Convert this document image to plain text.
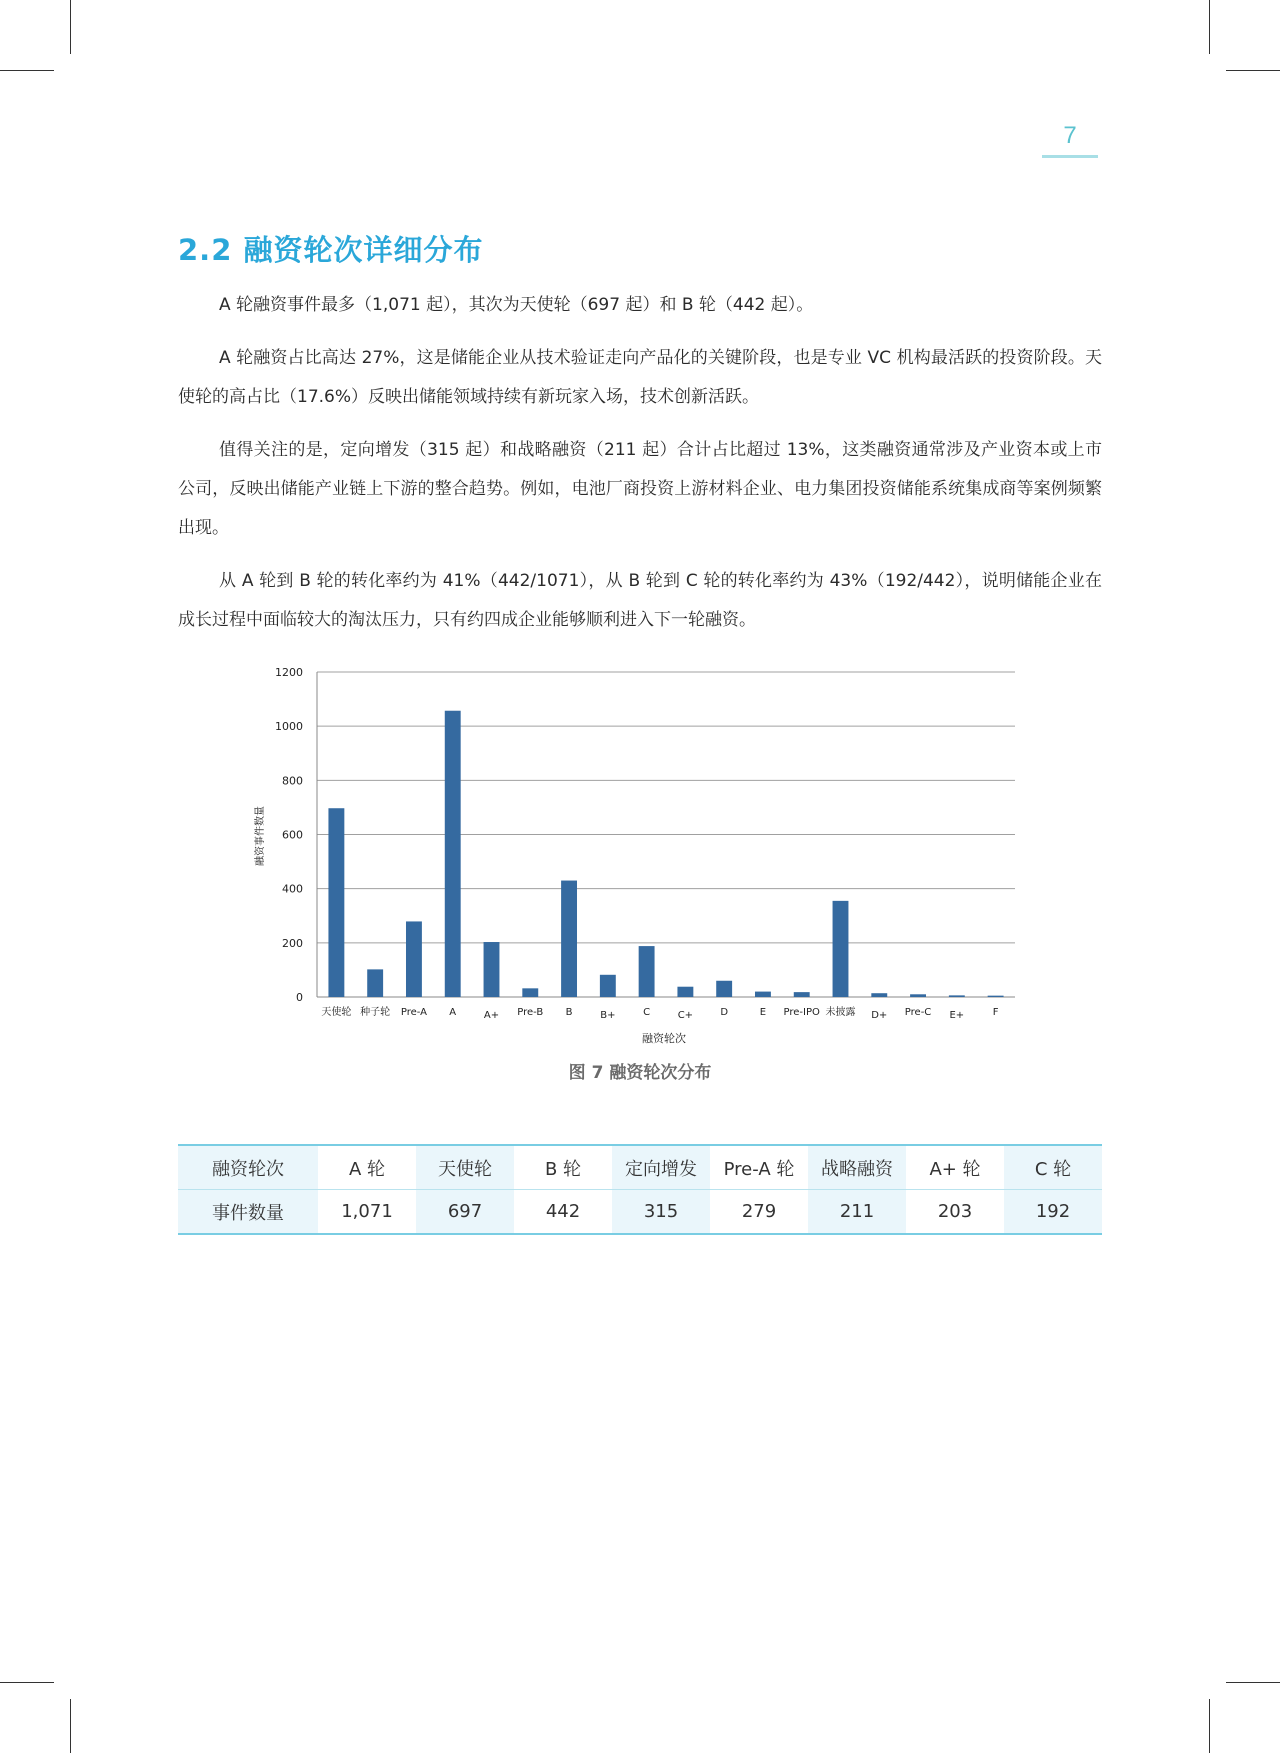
7
2.2 融资轮次详细分布

A 轮融资事件最多（1,071 起），其次为天使轮（697 起）和 B 轮（442 起）。

A 轮融资占比高达 27%，这是储能企业从技术验证走向产品化的关键阶段，也是专业 VC 机构最活跃的投资阶段。天使轮的高占比（17.6%）反映出储能领域持续有新玩家入场，技术创新活跃。

值得关注的是，定向增发（315 起）和战略融资（211 起）合计占比超过 13%，这类融资通常涉及产业资本或上市公司，反映出储能产业链上下游的整合趋势。例如，电池厂商投资上游材料企业、电力集团投资储能系统集成商等案例频繁出现。

从 A 轮到 B 轮的转化率约为 41%（442/1071），从 B 轮到 C 轮的转化率约为 43%（192/442），说明储能企业在成长过程中面临较大的淘汰压力，只有约四成企业能够顺利进入下一轮融资。

天使轮 种子轮 Pre-A A	A+ Pre-B B	B+	C	C+	D	E Pre-IPO 未披露 D+ Pre-C E+	F
0
200
400
600
800
1000
1200
融资轮次
融资事件数量
图 7 融资轮次分布
融资轮次	A 轮	天使轮	B 轮	定向增发	Pre-A 轮	战略融资	A+ 轮	C 轮
事件数量	1,071	697	442	315	279	211	203	192
